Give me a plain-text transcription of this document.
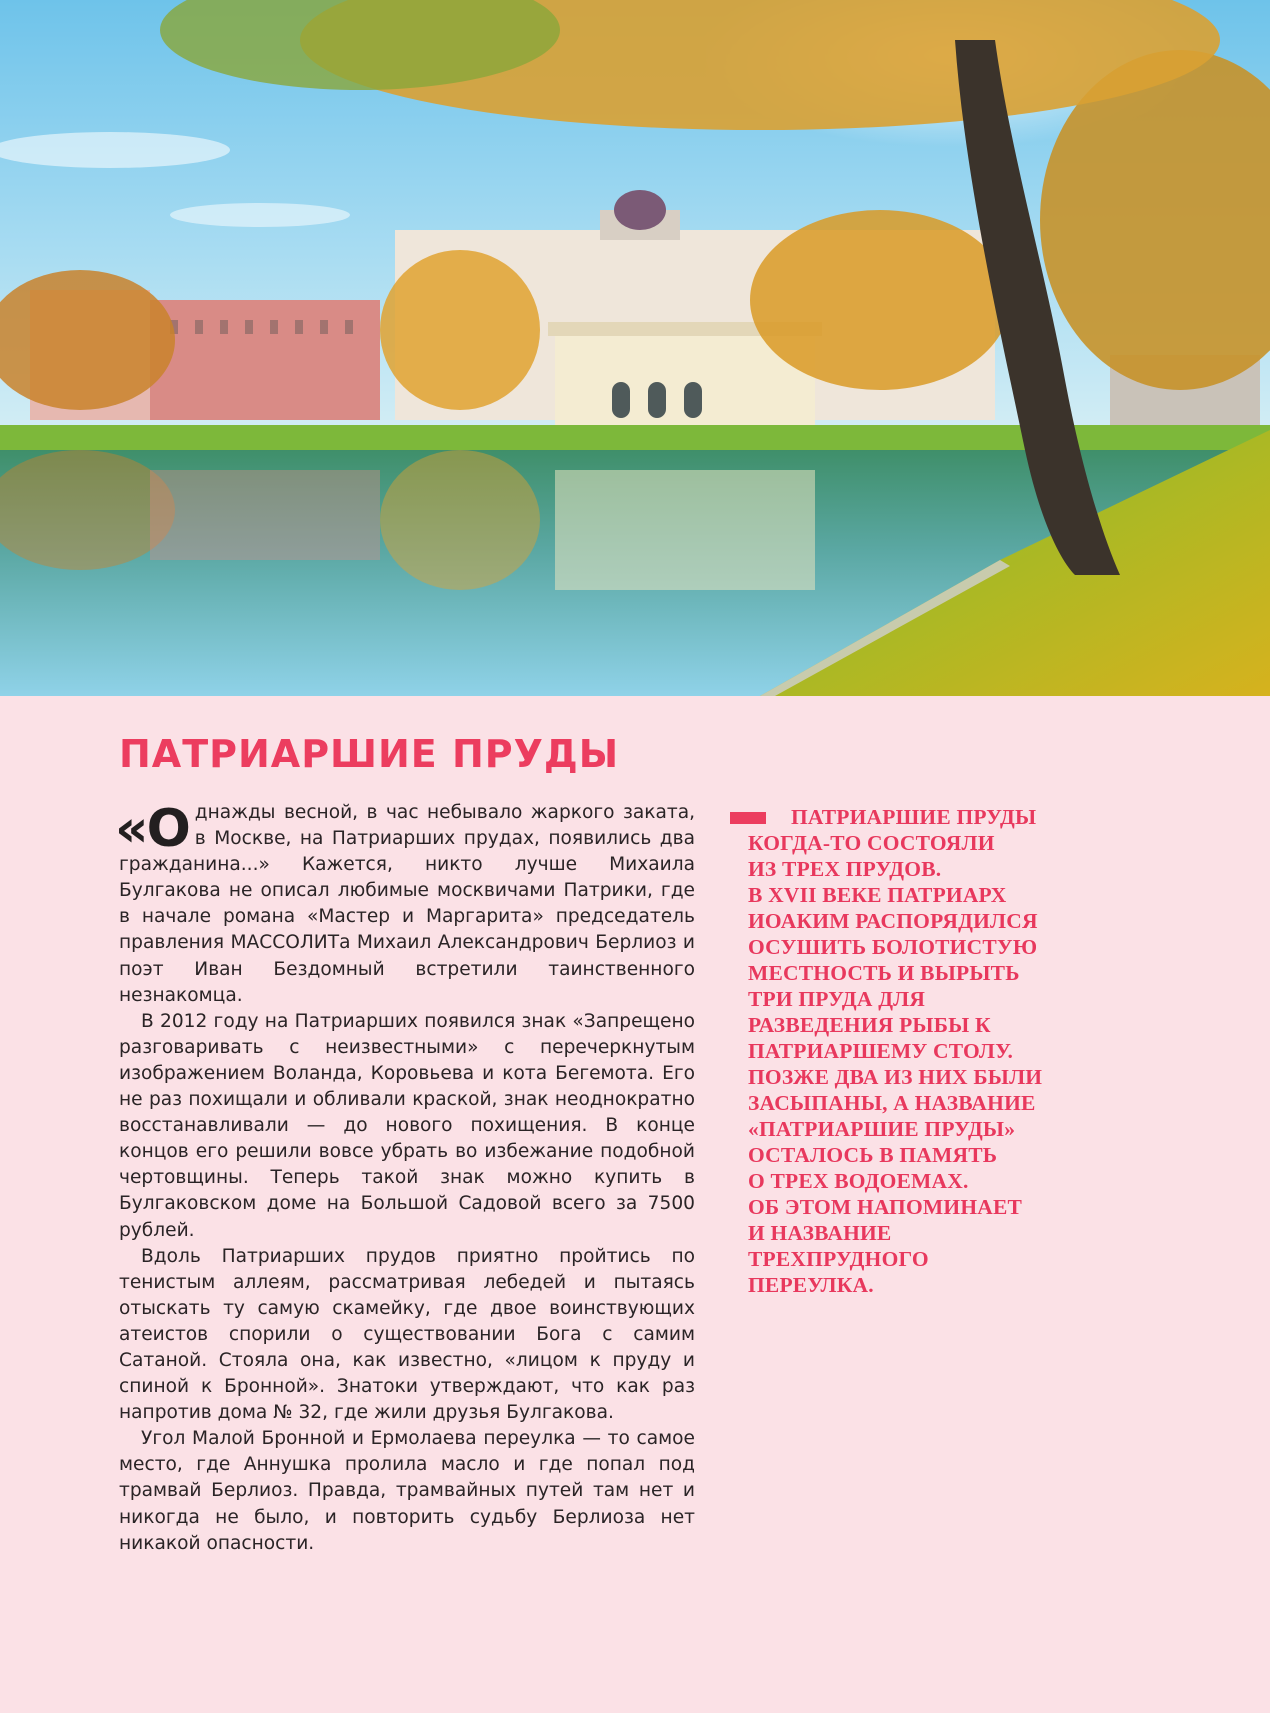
ПАТРИАРШИЕ ПРУДЫ

«Однажды весной, в час небывало жаркого заката, в Москве, на Патриарших прудах, появились два гражданина...» Кажется, никто лучше Михаила Булгакова не описал любимые москвичами Патрики, где в начале романа «Мастер и Маргарита» председатель правления МАССОЛИТа Михаил Александрович Берлиоз и поэт Иван Бездомный встретили таинственного незнакомца.

В 2012 году на Патриарших появился знак «Запрещено разговаривать с неизвестными» с перечеркнутым изображением Воланда, Коровьева и кота Бегемота. Его не раз похищали и обливали краской, знак неоднократно восстанавливали — до нового похищения. В конце концов его решили вовсе убрать во избежание подобной чертовщины. Теперь такой знак можно купить в Булгаковском доме на Большой Садовой всего за 7500 рублей.

Вдоль Патриарших прудов приятно пройтись по тенистым аллеям, рассматривая лебедей и пытаясь отыскать ту самую скамейку, где двое воинствующих атеистов спорили о существовании Бога с самим Сатаной. Стояла она, как известно, «лицом к пруду и спиной к Бронной». Знатоки утверждают, что как раз напротив дома № 32, где жили друзья Булгакова.

Угол Малой Бронной и Ермолаева переулка — то самое место, где Аннушка пролила масло и где попал под трамвай Берлиоз. Правда, трамвайных путей там нет и никогда не было, и повторить судьбу Берлиоза нет никакой опасности.

ПАТРИАРШИЕ ПРУДЫ
КОГДА-ТО СОСТОЯЛИ
ИЗ ТРЕХ ПРУДОВ.
В XVII ВЕКЕ ПАТРИАРХ
ИОАКИМ РАСПОРЯДИЛСЯ
ОСУШИТЬ БОЛОТИСТУЮ
МЕСТНОСТЬ И ВЫРЫТЬ
ТРИ ПРУДА ДЛЯ
РАЗВЕДЕНИЯ РЫБЫ К
ПАТРИАРШЕМУ СТОЛУ.
ПОЗЖЕ ДВА ИЗ НИХ БЫЛИ
ЗАСЫПАНЫ, А НАЗВАНИЕ
«ПАТРИАРШИЕ ПРУДЫ»
ОСТАЛОСЬ В ПАМЯТЬ
О ТРЕХ ВОДОЕМАХ.
ОБ ЭТОМ НАПОМИНАЕТ
И НАЗВАНИЕ
ТРЕХПРУДНОГО
ПЕРЕУЛКА.
